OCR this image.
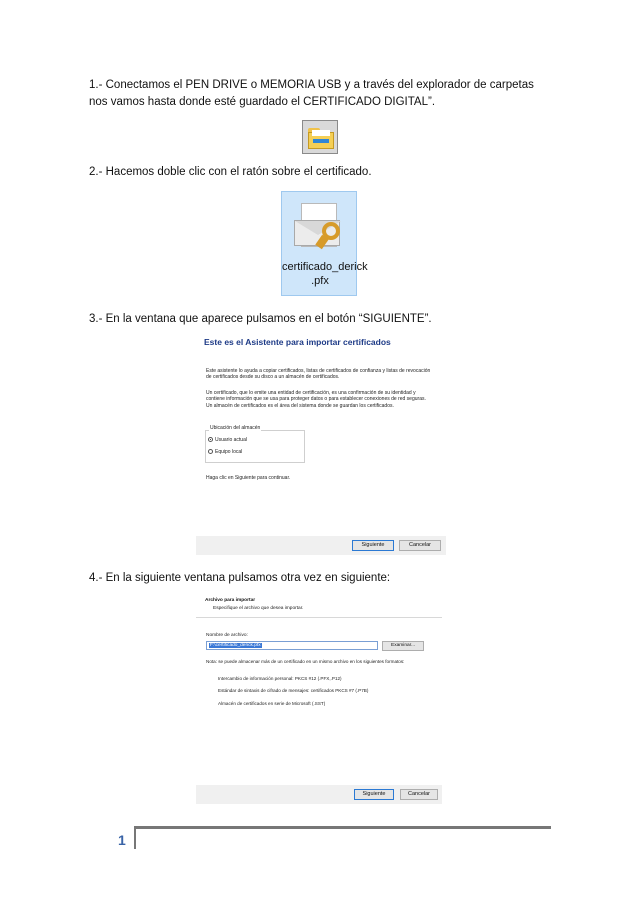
1.- Conectamos el PEN DRIVE o MEMORIA USB y a través del explorador de carpetas nos vamos hasta donde esté guardado el CERTIFICADO DIGITAL”.
2.- Hacemos doble clic con el ratón sobre el certificado.
certificado_derick
.pfx
3.- En la ventana que aparece pulsamos en el botón “SIGUIENTE”.
Este es el Asistente para importar certificados
Este asistente lo ayuda a copiar certificados, listas de certificados de confianza y listas de revocación de certificados desde su disco a un almacén de certificados.
Un certificado, que lo emite una entidad de certificación, es una confirmación de su identidad y contiene información que se usa para proteger datos o para establecer conexiones de red seguras. Un almacén de certificados es el área del sistema donde se guardan los certificados.
Ubicación del almacén
Usuario actual
Equipo local
Haga clic en Siguiente para continuar.
Siguiente	Cancelar
4.- En la siguiente ventana pulsamos otra vez en siguiente:
Archivo para importar
Especifique el archivo que desea importar.
Nombre de archivo:
F:\certificado_derick.pfx	Examinar...
Nota: se puede almacenar más de un certificado en un mismo archivo en los siguientes formatos:
Intercambio de información personal: PKCS #12 (.PFX,.P12)
Estándar de sintaxis de cifrado de mensajes: certificados PKCS #7 (.P7B)
Almacén de certificados en serie de Microsoft (.SST)
Siguiente	Cancelar
1
